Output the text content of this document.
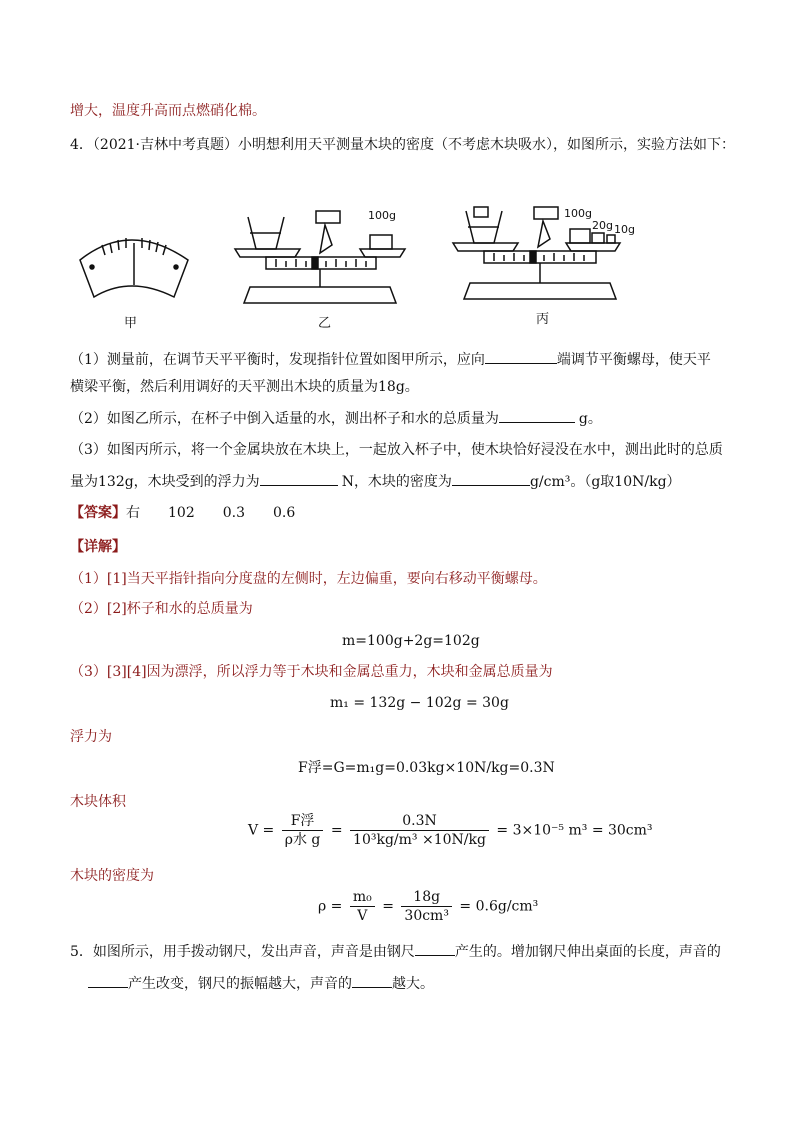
增大，温度升高而点燃硝化棉。
4．（2021·吉林中考真题）小明想利用天平测量木块的密度（不考虑木块吸水），如图所示，实验方法如下：
甲
100g
乙
100g
20g 10g
丙
（1）测量前，在调节天平平衡时，发现指针位置如图甲所示，应向	端调节平衡螺母，使天平
横梁平衡，然后利用调好的天平测出木块的质量为18g。
（2）如图乙所示，在杯子中倒入适量的水，测出杯子和水的总质量为	g。
（3）如图丙所示，将一个金属块放在木块上，一起放入杯子中，使木块恰好浸没在水中，测出此时的总质
量为132g，木块受到的浮力为	N，木块的密度为	g/cm³。（g取10N/kg）
【答案】右　　102　　0.3　　0.6
【详解】
（1）[1]当天平指针指向分度盘的左侧时，左边偏重，要向右移动平衡螺母。
（2）[2]杯子和水的总质量为
m=100g+2g=102g
（3）[3][4]因为漂浮，所以浮力等于木块和金属总重力，木块和金属总质量为
m₁ = 132g − 102g = 30g
浮力为
F浮=G=m₁g=0.03kg×10N/kg=0.3N
木块体积
$V = \frac{\text{F浮}}{\text{ρ水 g}} = \frac{0.3N}{\text{10³kg/m³ ×10N/kg}} = 3\times 10^{-5}$ m³ = 30cm³
木块的密度为
$\rho = \frac{\text{m₀}}{V} = \frac{18g}{\text{30cm³}} = 0.6g/cm^3$
5．如图所示，用手拨动钢尺，发出声音，声音是由钢尺	产生的。增加钢尺伸出桌面的长度，声音的
产生改变，钢尺的振幅越大，声音的	越大。
